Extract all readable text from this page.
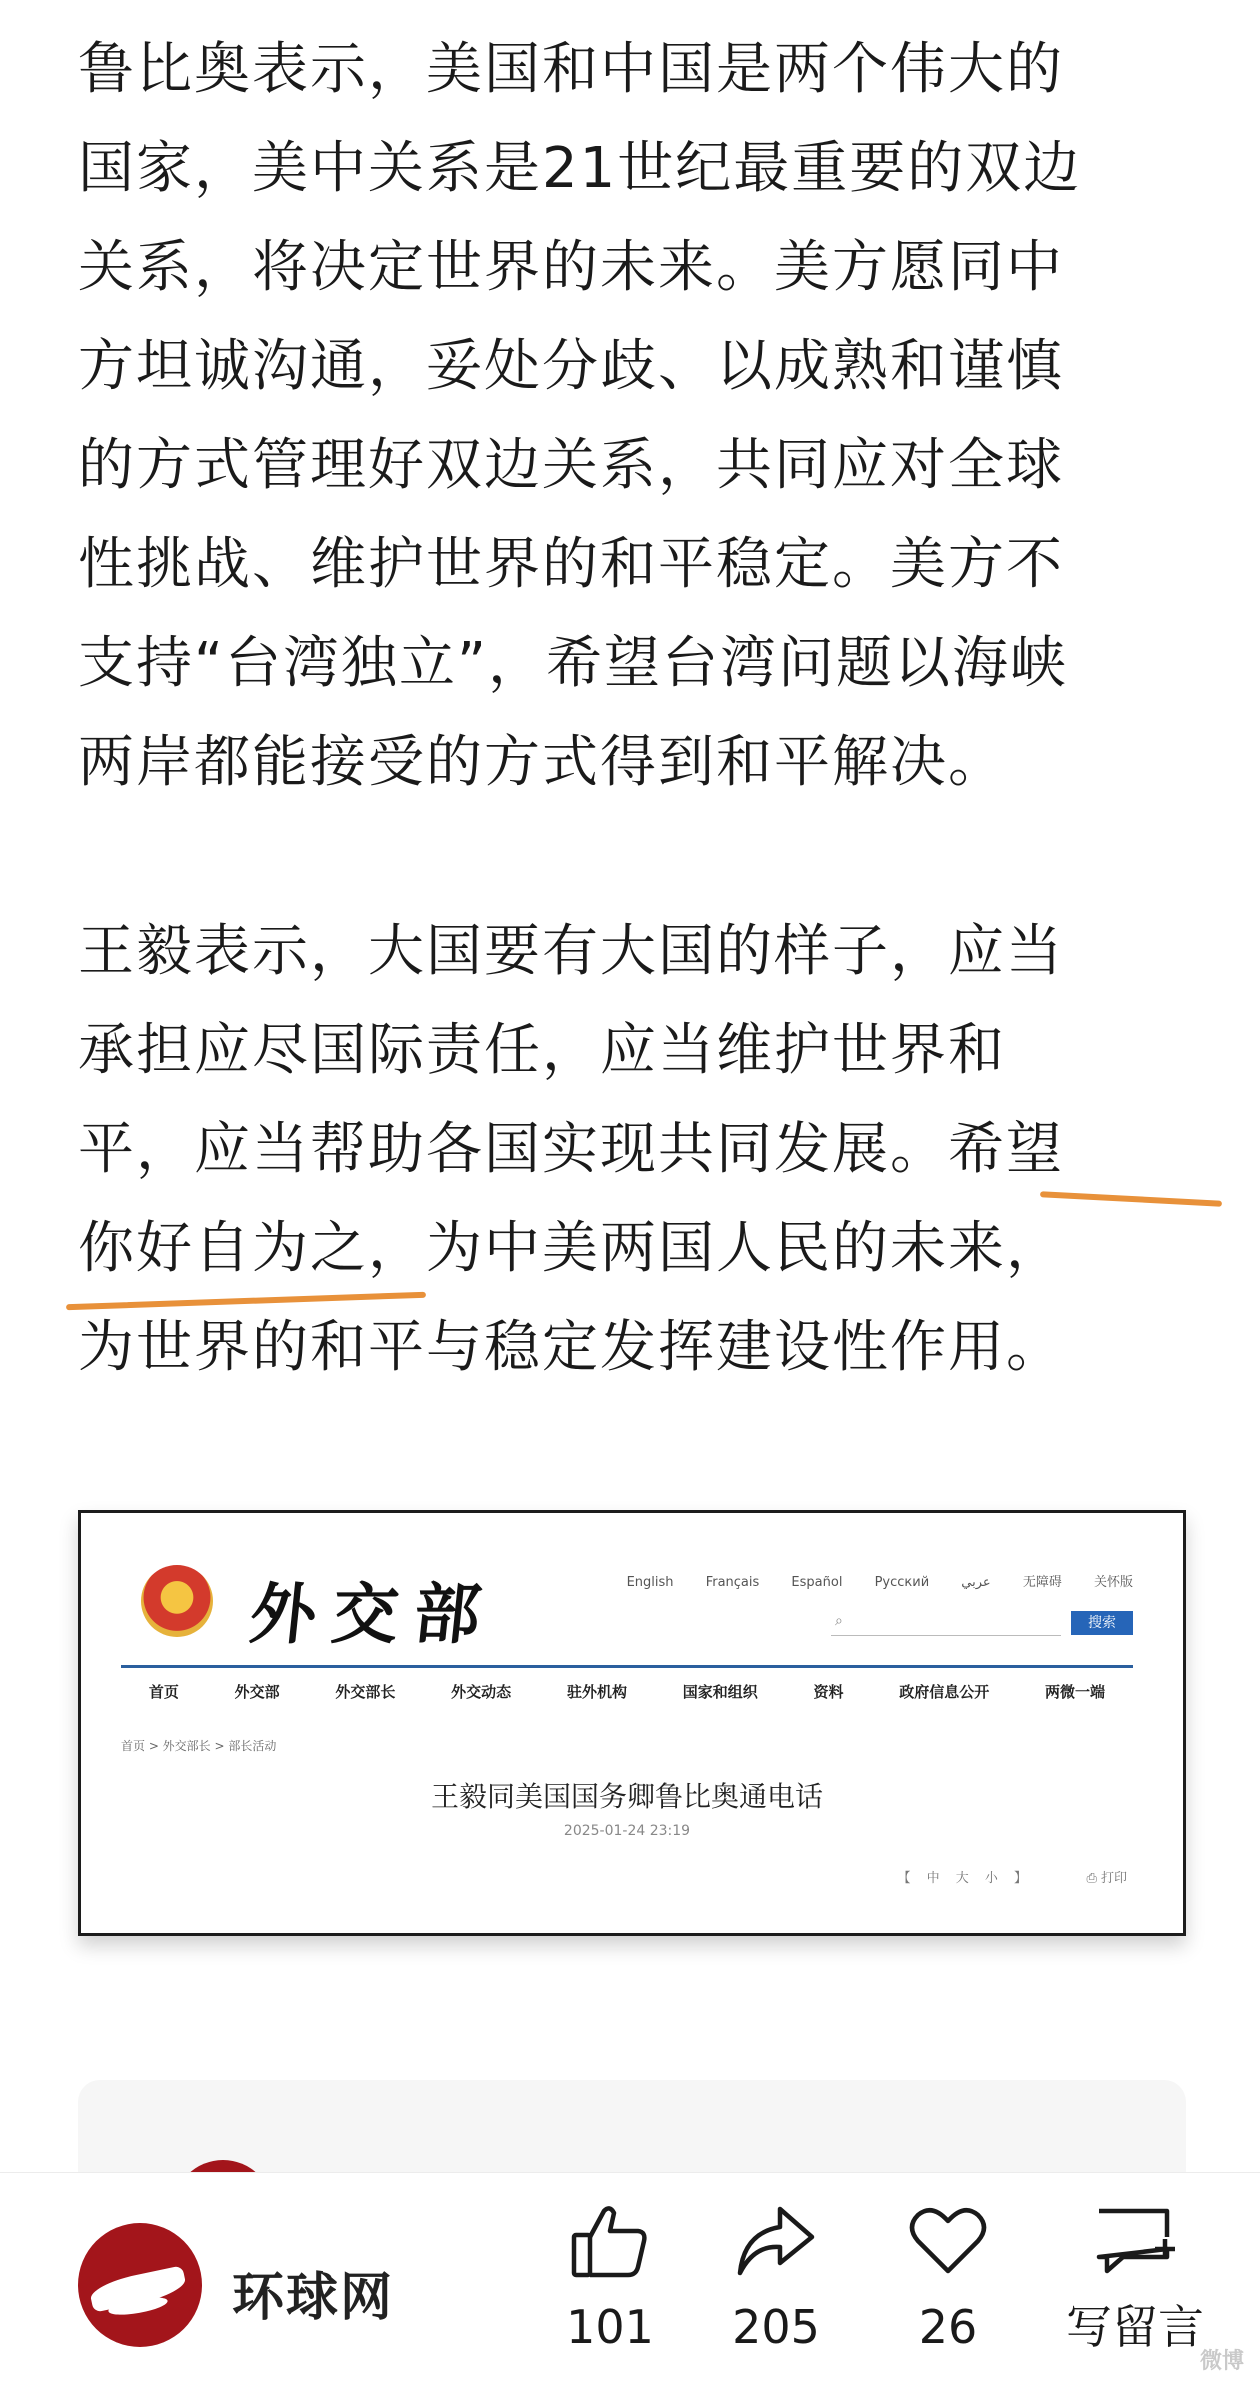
鲁比奥表示，美国和中国是两个伟大的
国家，美中关系是21世纪最重要的双边
关系，将决定世界的未来。美方愿同中
方坦诚沟通，妥处分歧、以成熟和谨慎
的方式管理好双边关系，共同应对全球
性挑战、维护世界的和平稳定。美方不
支持“台湾独立”，希望台湾问题以海峡
两岸都能接受的方式得到和平解决。
王毅表示，大国要有大国的样子，应当
承担应尽国际责任，应当维护世界和
平，应当帮助各国实现共同发展。希望
你好自为之，为中美两国人民的未来，
为世界的和平与稳定发挥建设性作用。
外交部	English Français Español Русский عربي 无障碍 关怀版
⌕	搜索
首页	外交部	外交部长	外交动态	驻外机构	国家和组织	资料	政府信息公开	两微一端
首页 > 外交部长 > 部长活动
王毅同美国国务卿鲁比奥通电话
2025-01-24 23:19
【 中 大 小 】	⎙ 打印
环球网	101	205	26	写留言
微博
